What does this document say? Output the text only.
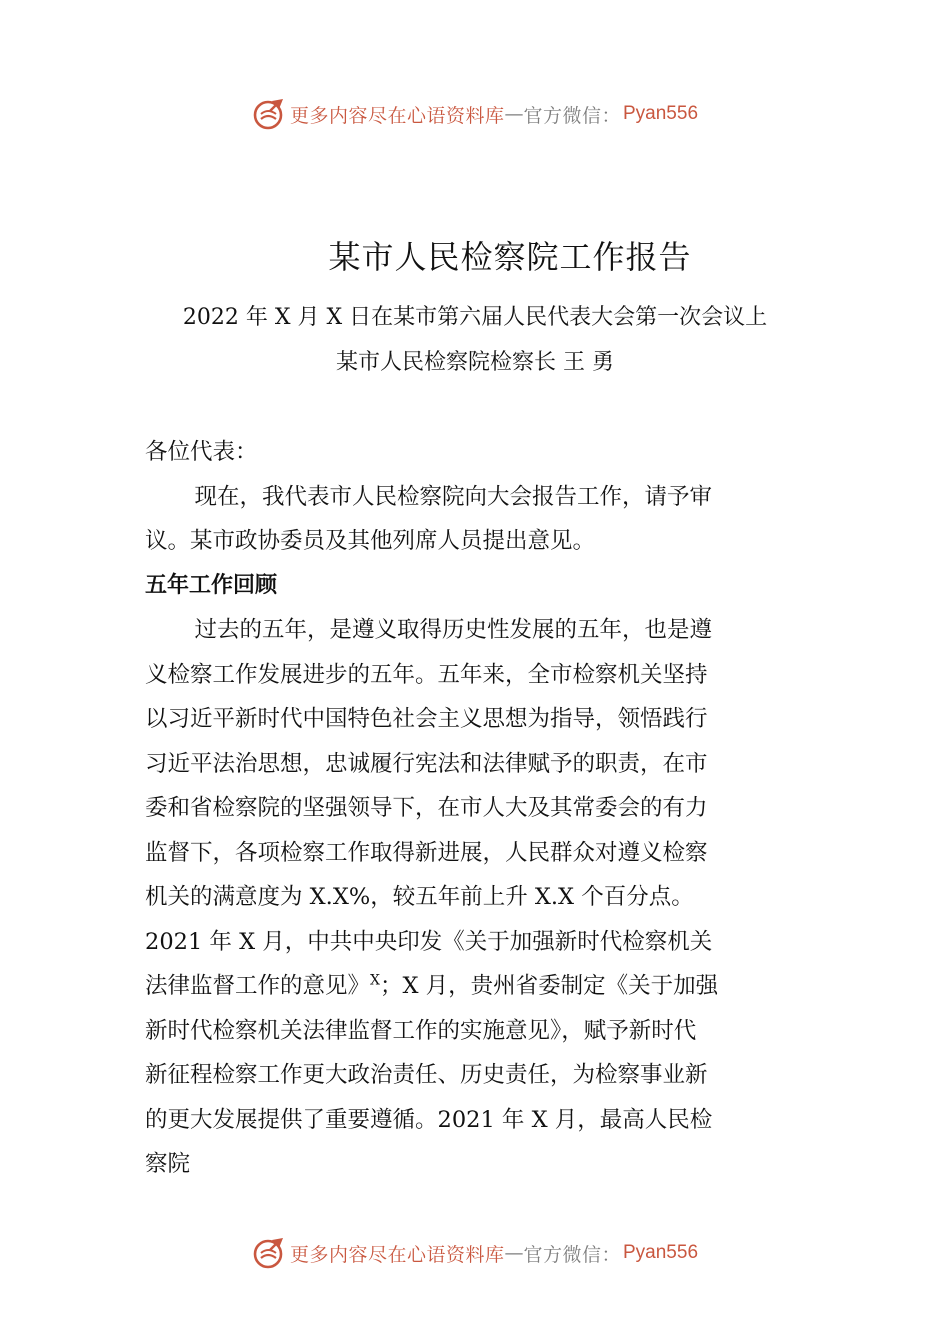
更多内容尽在心语资料库 — 官方微信： Pyan556
某市人民检察院工作报告
2022 年 X 月 X 日在某市第六届人民代表大会第一次会议上
某市人民检察院检察长 王 勇

各位代表：

现在，我代表市人民检察院向大会报告工作，请予审
议。某市政协委员及其他列席人员提出意见。

五年工作回顾

过去的五年，是遵义取得历史性发展的五年，也是遵
义检察工作发展进步的五年。五年来，全市检察机关坚持
以习近平新时代中国特色社会主义思想为指导，领悟践行
习近平法治思想，忠诚履行宪法和法律赋予的职责，在市
委和省检察院的坚强领导下，在市人大及其常委会的有力
监督下，各项检察工作取得新进展，人民群众对遵义检察
机关的满意度为 X.X%，较五年前上升 X.X 个百分点。
2021 年 X 月，中共中央印发《关于加强新时代检察机关
法律监督工作的意见》$^X$；X 月，贵州省委制定《关于加强
新时代检察机关法律监督工作的实施意见》，赋予新时代
新征程检察工作更大政治责任、历史责任，为检察事业新
的更大发展提供了重要遵循。2021 年 X 月，最高人民检
察院

更多内容尽在心语资料库 — 官方微信： Pyan556
